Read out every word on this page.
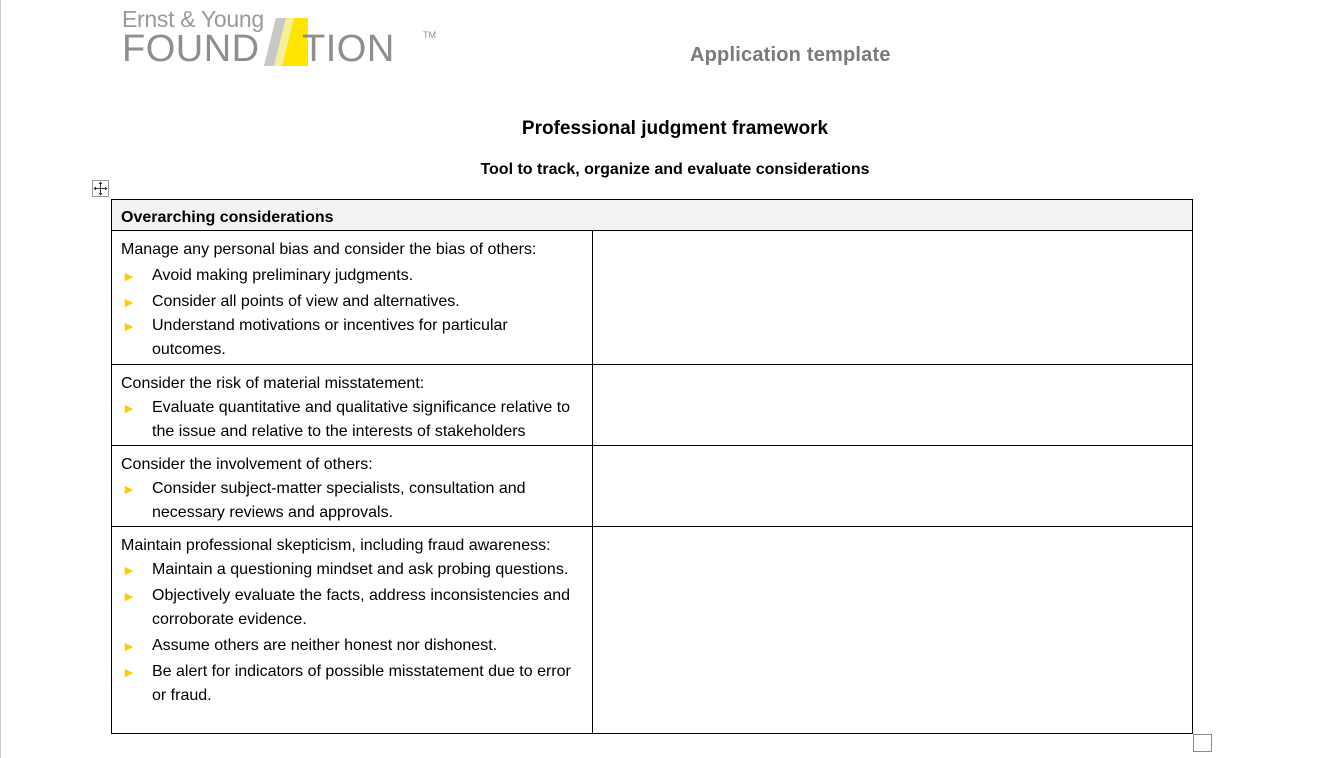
Ernst & Young
FOUND TION	TM
Application template
Professional judgment framework
Tool to track, organize and evaluate considerations
Overarching considerations

Manage any personal bias and consider the bias of others:

►	Avoid making preliminary judgments.
►	Consider all points of view and alternatives.
►	Understand motivations or incentives for particular outcomes.

Consider the risk of material misstatement:

►	Evaluate quantitative and qualitative significance relative to the issue and relative to the interests of stakeholders

Consider the involvement of others:

►	Consider subject-matter specialists, consultation and necessary reviews and approvals.

Maintain professional skepticism, including fraud awareness:

►	Maintain a questioning mindset and ask probing questions.
►	Objectively evaluate the facts, address inconsistencies and corroborate evidence.
►	Assume others are neither honest nor dishonest.
►	Be alert for indicators of possible misstatement due to error or fraud.
